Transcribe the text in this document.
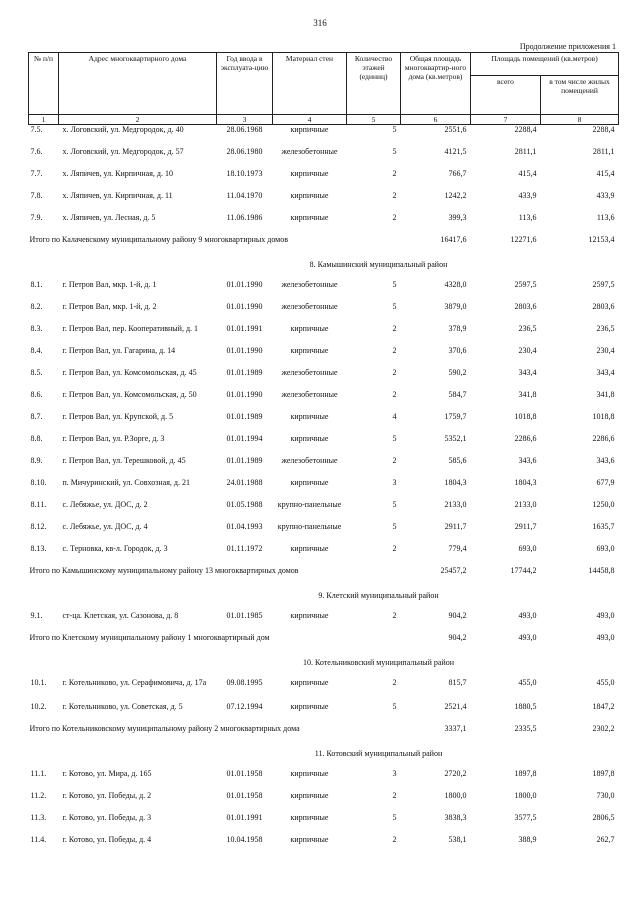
316
Продолжение приложения 1
№ п/п	Адрес многоквартирного дома	Год ввода в эксплуата-цию	Материал стен	Количество этажей (единиц)	Общая площадь многоквартир-ного дома (кв.метров)	Площадь помещений (кв.метров)	
						всего	в том числе жилых помещений
1	2	3	4	5	6	7	8
7.5.	х. Логовский, ул. Медгородок, д. 40	28.06.1968	кирпичные	5	2551,6	2288,4	2288,4
7.6.	х. Логовский, ул. Медгородок, д. 57	28.06.1980	железобетонные	5	4121,5	2811,1	2811,1
7.7.	х. Ляпичев, ул. Кирпичная, д. 10	18.10.1973	кирпичные	2	766,7	415,4	415,4
7.8.	х. Ляпичев, ул. Кирпичная, д. 11	11.04.1970	кирпичные	2	1242,2	433,9	433,9
7.9.	х. Ляпичев, ул. Лесная, д. 5	11.06.1986	кирпичные	2	399,3	113,6	113,6
Итого по Калачевскому муниципальному району 9 многоквартирных домов					16417,6	12271,6	12153,4
		8. Камышинский муниципальный район					
8.1.	г. Петров Вал, мкр. 1-й, д. 1	01.01.1990	железобетонные	5	4328,0	2597,5	2597,5
8.2.	г. Петров Вал, мкр. 1-й, д. 2	01.01.1990	железобетонные	5	3879,0	2803,6	2803,6
8.3.	г. Петров Вал, пер. Кооперативный, д. 1	01.01.1991	кирпичные	2	378,9	236,5	236,5
8.4.	г. Петров Вал, ул. Гагарина, д. 14	01.01.1990	кирпичные	2	370,6	230,4	230,4
8.5.	г. Петров Вал, ул. Комсомольская, д. 45	01.01.1989	железобетонные	2	590,2	343,4	343,4
8.6.	г. Петров Вал, ул. Комсомольская, д. 50	01.01.1990	железобетонные	2	584,7	341,8	341,8
8.7.	г. Петров Вал, ул. Крупской, д. 5	01.01.1989	кирпичные	4	1759,7	1018,8	1018,8
8.8.	г. Петров Вал, ул. Р.Зорге, д. 3	01.01.1994	кирпичные	5	5352,1	2286,6	2286,6
8.9.	г. Петров Вал, ул. Терешковой, д. 45	01.01.1989	железобетонные	2	585,6	343,6	343,6
8.10.	п. Мичуринский, ул. Совхозная, д. 21	24.01.1988	кирпичные	3	1804,3	1804,3	677,9
8.11.	с. Лебяжье, ул. ДОС, д. 2	01.05.1988	крупно-панельные	5	2133,0	2133,0	1250,0
8.12.	с. Лебяжье, ул. ДОС, д. 4	01.04.1993	крупно-панельные	5	2911,7	2911,7	1635,7
8.13.	с. Терновка, кв-л. Городок, д. 3	01.11.1972	кирпичные	2	779,4	693,0	693,0
Итого по Камышинскому муниципальному району 13 многоквартирных домов					25457,2	17744,2	14458,8
		9. Клетский муниципальный район					
9.1.	ст-ца. Клетская, ул. Сазонова, д. 8	01.01.1985	кирпичные	2	904,2	493,0	493,0
Итого по Клетскому муниципальному району 1 многоквартирный дом					904,2	493,0	493,0
		10. Котельниковский муниципальный район					
10.1.	г. Котельниково, ул. Серафимовича, д. 17а	09.08.1995	кирпичные	2	815,7	455,0	455,0
10.2.	г. Котельниково, ул. Советская, д. 5	07.12.1994	кирпичные	5	2521,4	1880,5	1847,2
Итого по Котельниковскому муниципальному району 2 многоквартирных дома					3337,1	2335,5	2302,2
		11. Котовский муниципальный район					
11.1.	г. Котово, ул. Мира, д. 165	01.01.1958	кирпичные	3	2720,2	1897,8	1897,8
11.2.	г. Котово, ул. Победы, д. 2	01.01.1958	кирпичные	2	1800,0	1800,0	730,0
11.3.	г. Котово, ул. Победы, д. 3	01.01.1991	кирпичные	5	3838,3	3577,5	2806,5
11.4.	г. Котово, ул. Победы, д. 4	10.04.1958	кирпичные	2	538,1	388,9	262,7
